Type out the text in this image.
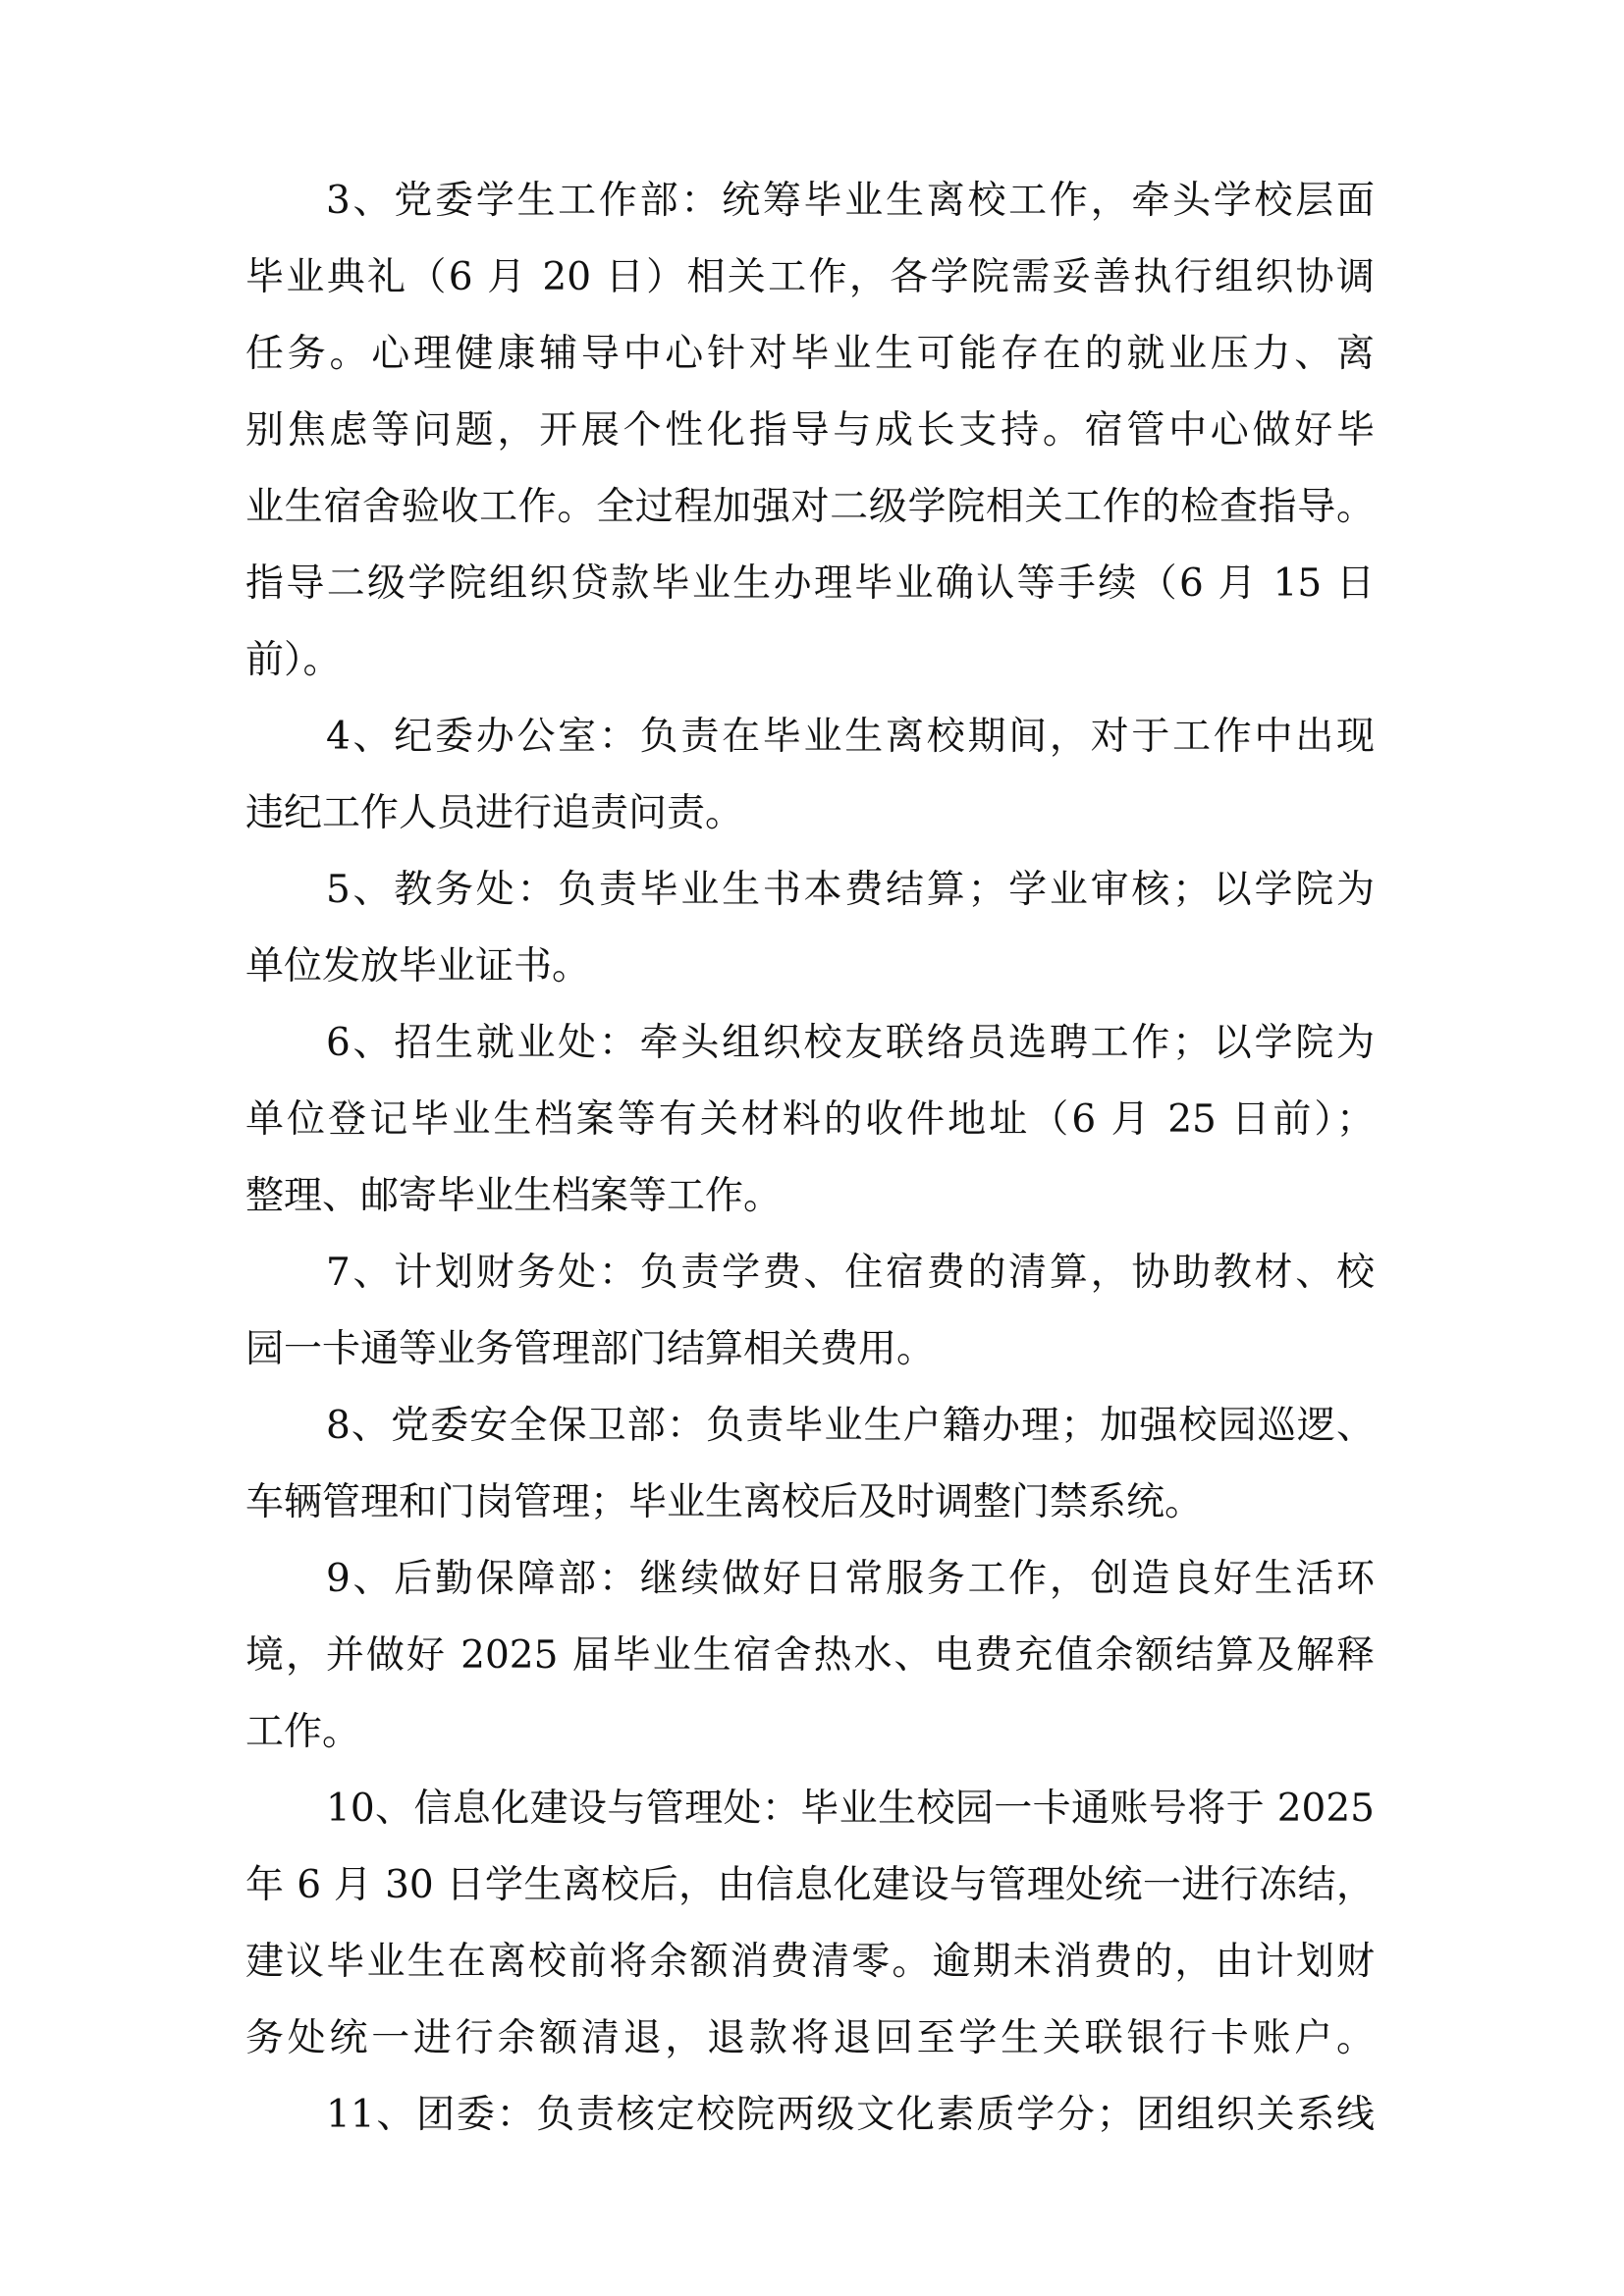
3、党委学生工作部：统筹毕业生离校工作，牵头学校层面
毕业典礼（6 月 20 日）相关工作，各学院需妥善执行组织协调
任务。心理健康辅导中心针对毕业生可能存在的就业压力、离
别焦虑等问题，开展个性化指导与成长支持。宿管中心做好毕
业生宿舍验收工作。全过程加强对二级学院相关工作的检查指导。
指导二级学院组织贷款毕业生办理毕业确认等手续（6 月 15 日
前）。
4、纪委办公室：负责在毕业生离校期间，对于工作中出现
违纪工作人员进行追责问责。
5、教务处：负责毕业生书本费结算；学业审核；以学院为
单位发放毕业证书。
6、招生就业处：牵头组织校友联络员选聘工作；以学院为
单位登记毕业生档案等有关材料的收件地址（6 月 25 日前）；
整理、邮寄毕业生档案等工作。
7、计划财务处：负责学费、住宿费的清算，协助教材、校
园一卡通等业务管理部门结算相关费用。
8、党委安全保卫部：负责毕业生户籍办理；加强校园巡逻、
车辆管理和门岗管理；毕业生离校后及时调整门禁系统。
9、后勤保障部：继续做好日常服务工作，创造良好生活环
境，并做好 2025 届毕业生宿舍热水、电费充值余额结算及解释
工作。
10、信息化建设与管理处：毕业生校园一卡通账号将于 2025
年 6 月 30 日学生离校后，由信息化建设与管理处统一进行冻结，
建议毕业生在离校前将余额消费清零。逾期未消费的，由计划财
务处统一进行余额清退，退款将退回至学生关联银行卡账户。
11、团委：负责核定校院两级文化素质学分；团组织关系线
